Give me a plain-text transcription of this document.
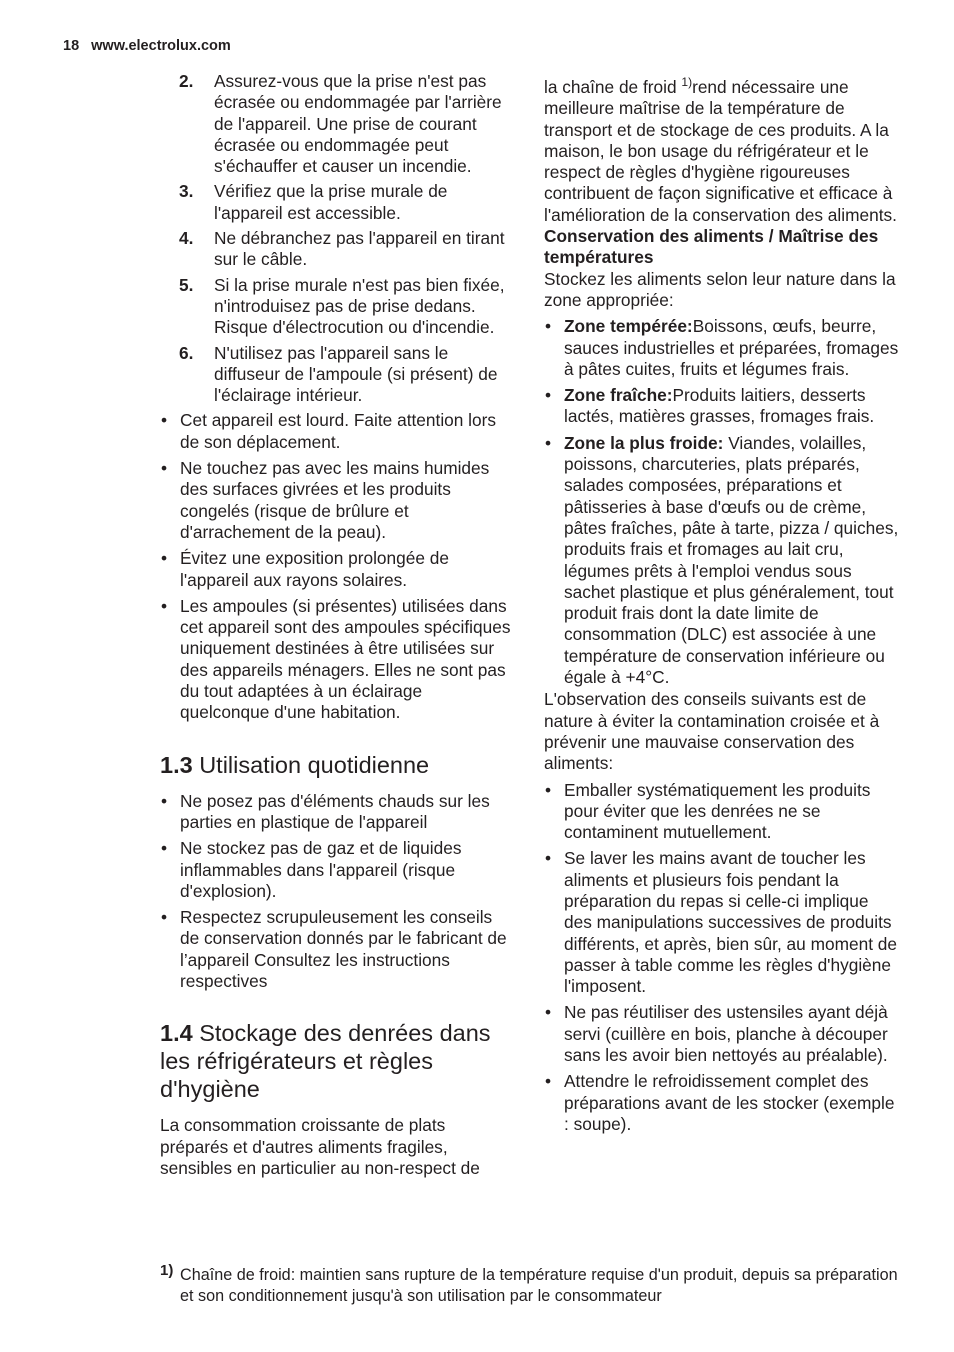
18 www.electrolux.com
2. Assurez-vous que la prise n'est pas écrasée ou endommagée par l'arrière de l'appareil. Une prise de courant écrasée ou endommagée peut s'échauffer et causer un incendie.
3. Vérifiez que la prise murale de l'appareil est accessible.
4. Ne débranchez pas l'appareil en tirant sur le câble.
5. Si la prise murale n'est pas bien fixée, n'introduisez pas de prise dedans. Risque d'électrocution ou d'incendie.
6. N'utilisez pas l'appareil sans le diffuseur de l'ampoule (si présent) de l'éclairage intérieur.
• Cet appareil est lourd. Faite attention lors de son déplacement.
• Ne touchez pas avec les mains humides des surfaces givrées et les produits congelés (risque de brûlure et d'arrachement de la peau).
• Évitez une exposition prolongée de l'appareil aux rayons solaires.
• Les ampoules (si présentes) utilisées dans cet appareil sont des ampoules spécifiques uniquement destinées à être utilisées sur des appareils ménagers. Elles ne sont pas du tout adaptées à un éclairage quelconque d'une habitation.
1.3 Utilisation quotidienne
• Ne posez pas d'éléments chauds sur les parties en plastique de l'appareil
• Ne stockez pas de gaz et de liquides inflammables dans l'appareil (risque d'explosion).
• Respectez scrupuleusement les conseils de conservation donnés par le fabricant de l’appareil Consultez les instructions respectives
1.4 Stockage des denrées dans les réfrigérateurs et règles d'hygiène

La consommation croissante de plats préparés et d'autres aliments fragiles, sensibles en particulier au non-respect de

la chaîne de froid $^{1)}$rend nécessaire une meilleure maîtrise de la température de transport et de stockage de ces produits. A la maison, le bon usage du réfrigérateur et le respect de règles d'hygiène rigoureuses contribuent de façon significative et efficace à l'amélioration de la conservation des aliments.

Conservation des aliments / Maîtrise des températures

Stockez les aliments selon leur nature dans la zone appropriée:

• Zone tempérée:Boissons, œufs, beurre, sauces industrielles et préparées, fromages à pâtes cuites, fruits et légumes frais.
• Zone fraîche:Produits laitiers, desserts lactés, matières grasses, fromages frais.
• Zone la plus froide: Viandes, volailles, poissons, charcuteries, plats préparés, salades composées, préparations et pâtisseries à base d'œufs ou de crème, pâtes fraîches, pâte à tarte, pizza / quiches, produits frais et fromages au lait cru, légumes prêts à l'emploi vendus sous sachet plastique et plus généralement, tout produit frais dont la date limite de consommation (DLC) est associée à une température de conservation inférieure ou égale à +4°C.

L'observation des conseils suivants est de nature à éviter la contamination croisée et à prévenir une mauvaise conservation des aliments:

• Emballer systématiquement les produits pour éviter que les denrées ne se contaminent mutuellement.
• Se laver les mains avant de toucher les aliments et plusieurs fois pendant la préparation du repas si celle-ci implique des manipulations successives de produits différents, et après, bien sûr, au moment de passer à table comme les règles d'hygiène l'imposent.
• Ne pas réutiliser des ustensiles ayant déjà servi (cuillère en bois, planche à découper sans les avoir bien nettoyés au préalable).
• Attendre le refroidissement complet des préparations avant de les stocker (exemple : soupe).
1) Chaîne de froid: maintien sans rupture de la température requise d'un produit, depuis sa préparation et son conditionnement jusqu'à son utilisation par le consommateur
